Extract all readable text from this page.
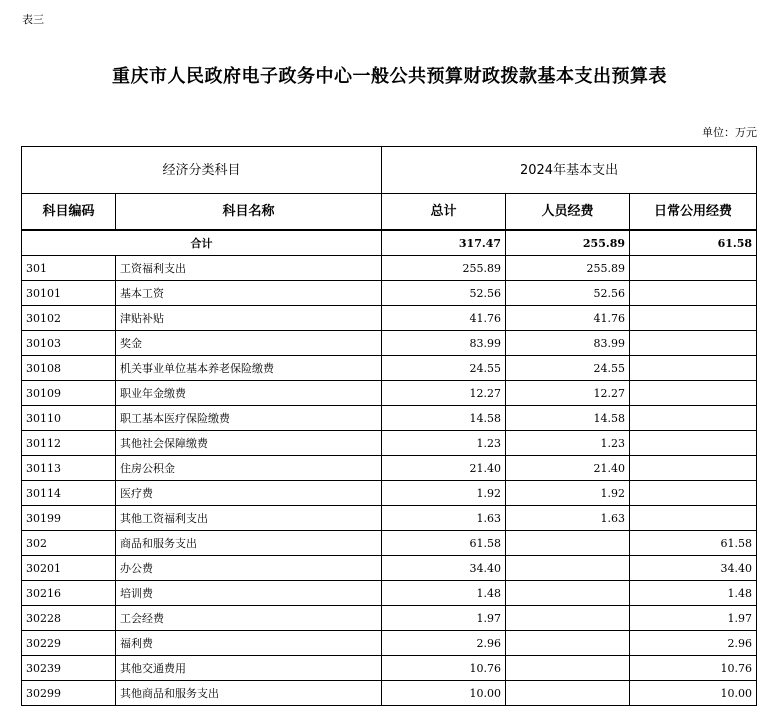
表三
重庆市人民政府电子政务中心一般公共预算财政拨款基本支出预算表
单位：万元
经济分类科目		2024年基本支出		
科目编码	科目名称	总计	人员经费	日常公用经费
合计		317.47	255.89	61.58
301	工资福利支出	255.89	255.89	
30101	基本工资	52.56	52.56	
30102	津贴补贴	41.76	41.76	
30103	奖金	83.99	83.99	
30108	机关事业单位基本养老保险缴费	24.55	24.55	
30109	职业年金缴费	12.27	12.27	
30110	职工基本医疗保险缴费	14.58	14.58	
30112	其他社会保障缴费	1.23	1.23	
30113	住房公积金	21.40	21.40	
30114	医疗费	1.92	1.92	
30199	其他工资福利支出	1.63	1.63	
302	商品和服务支出	61.58		61.58
30201	办公费	34.40		34.40
30216	培训费	1.48		1.48
30228	工会经费	1.97		1.97
30229	福利费	2.96		2.96
30239	其他交通费用	10.76		10.76
30299	其他商品和服务支出	10.00		10.00
